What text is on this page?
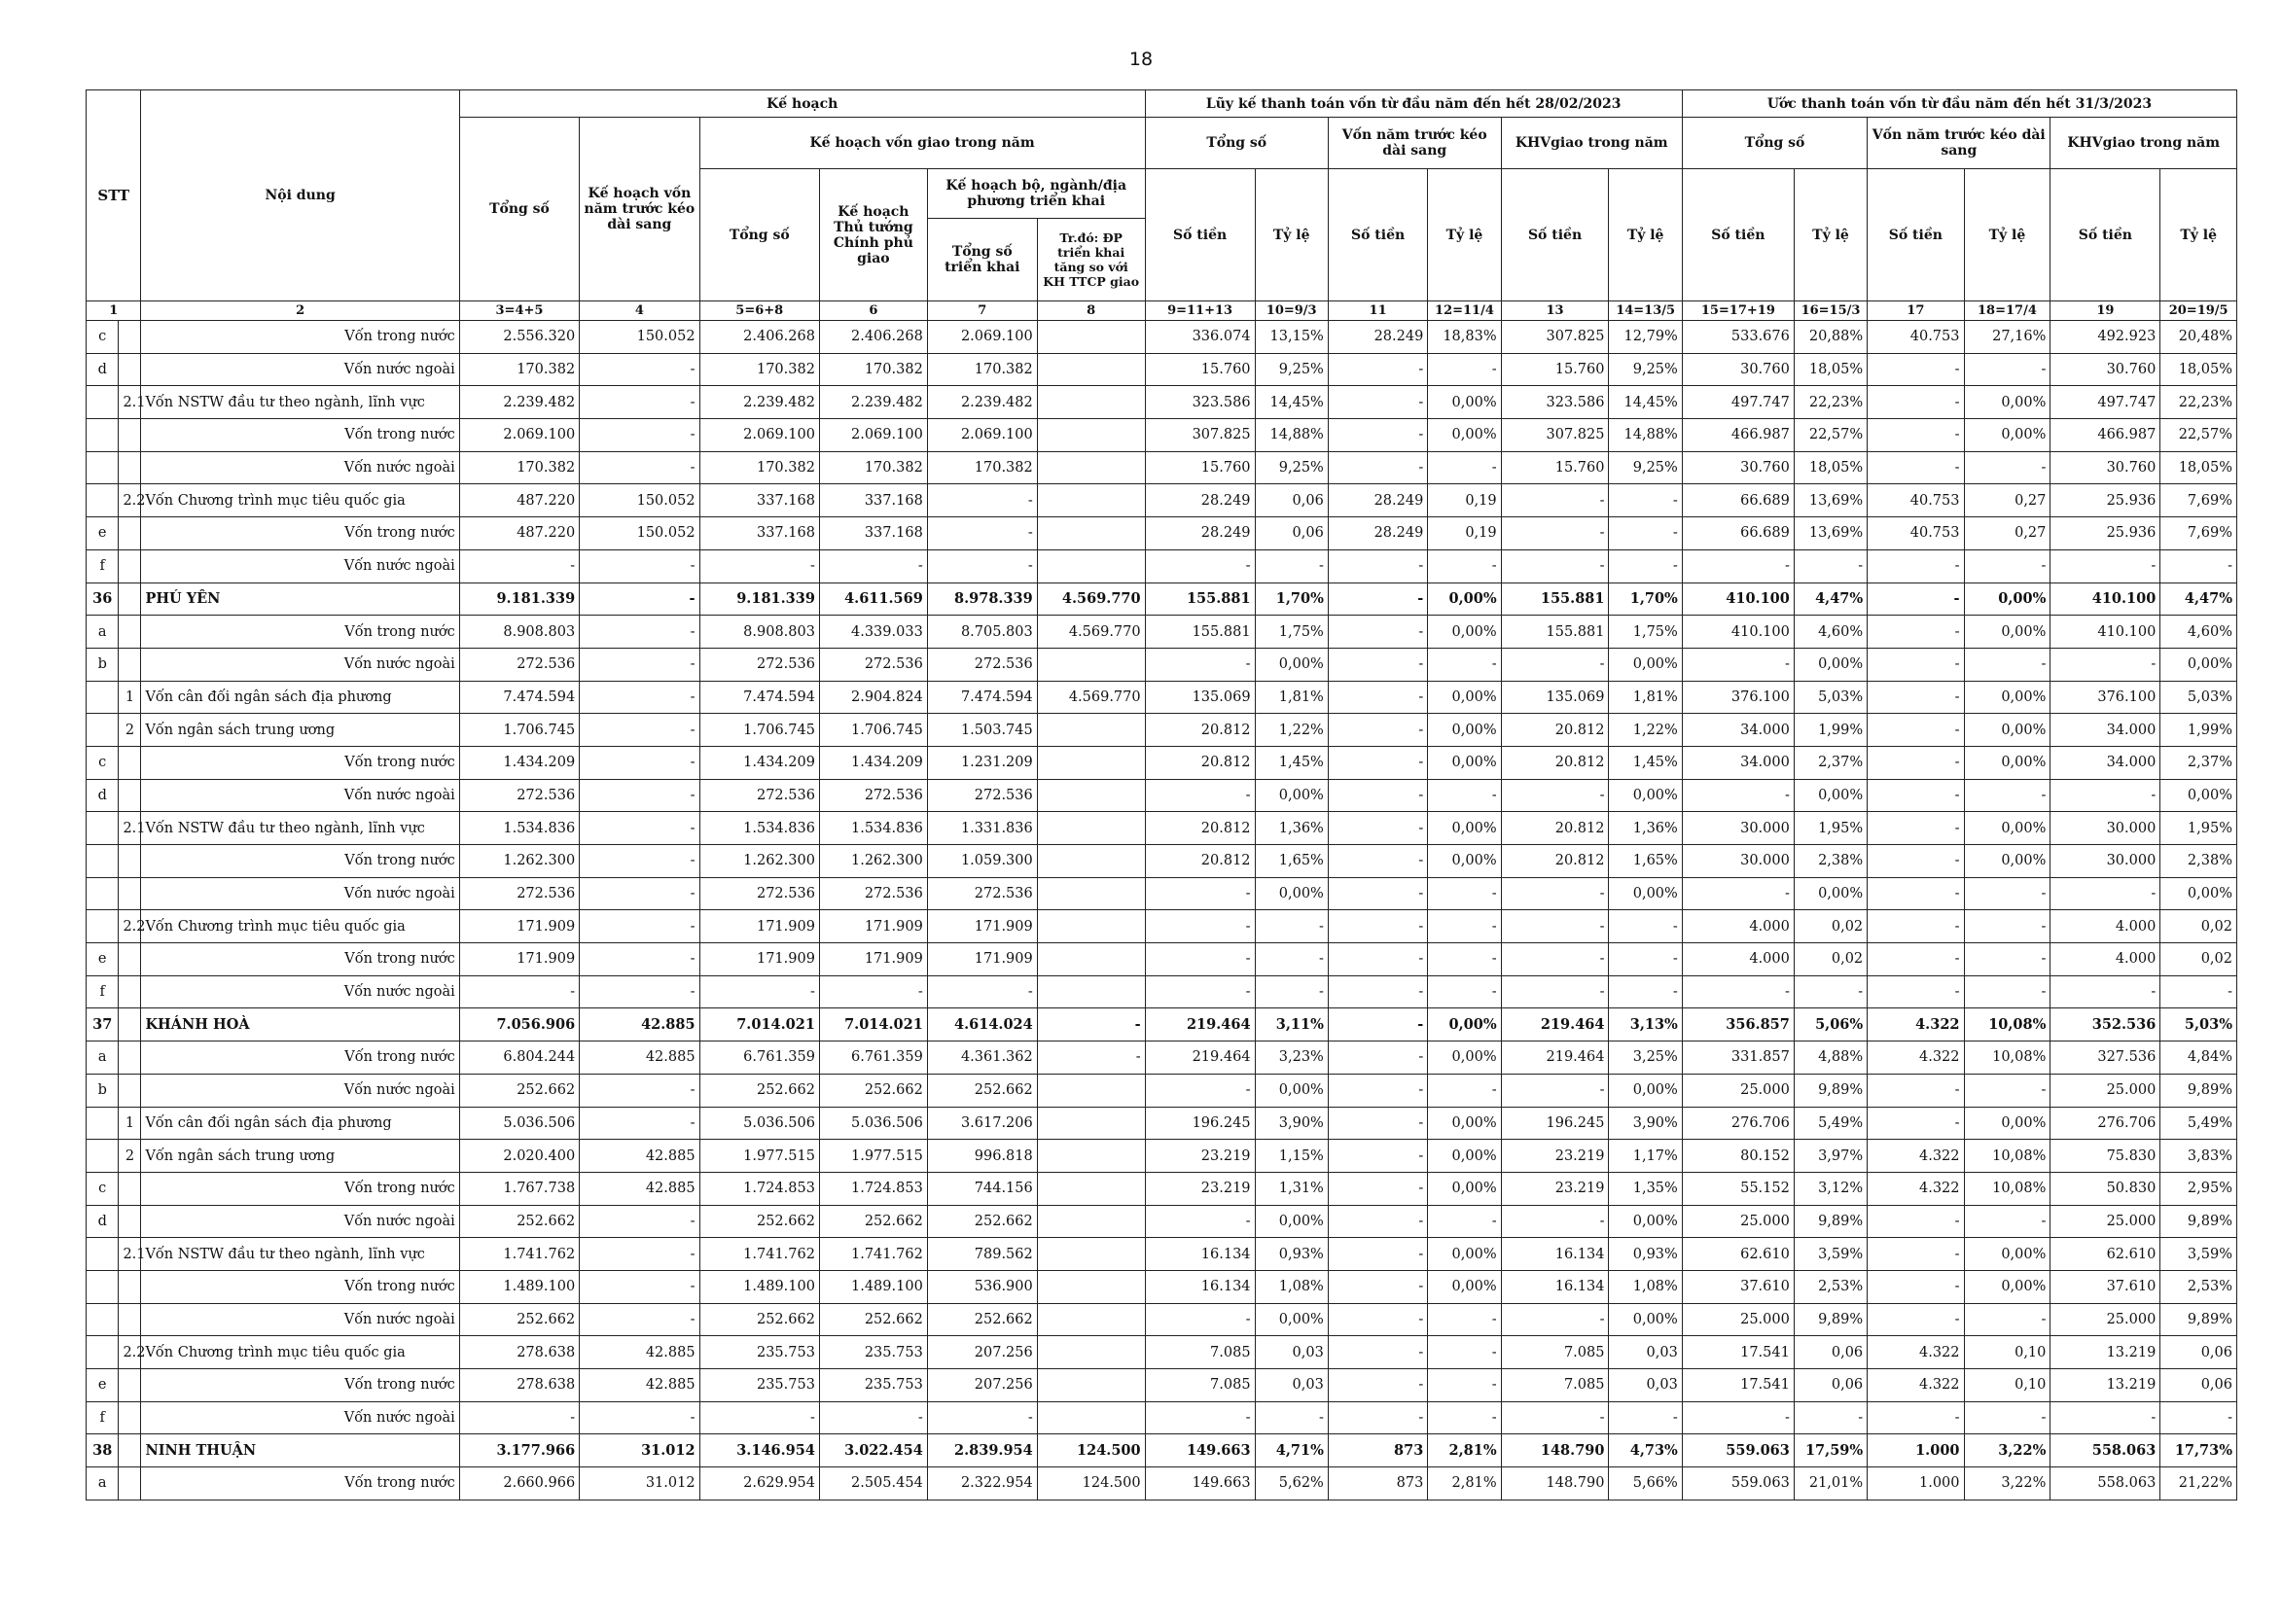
18
STT		Nội dung	Kế hoạch						Lũy kế thanh toán vốn từ đầu năm đến hết 28/02/2023						Ước thanh toán vốn từ đầu năm đến hết 31/3/2023					
			Tổng số	Kế hoạch vốn năm trước kéo dài sang	Kế hoạch vốn giao trong năm				Tổng số		Vốn năm trước kéo dài sang		KHVgiao trong năm		Tổng số		Vốn năm trước kéo dài sang		KHVgiao trong năm	
					Tổng số	Kế hoạch Thủ tướng Chính phủ giao	Kế hoạch bộ, ngành/địa phương triển khai		Số tiền	Tỷ lệ	Số tiền	Tỷ lệ	Số tiền	Tỷ lệ	Số tiền	Tỷ lệ	Số tiền	Tỷ lệ	Số tiền	Tỷ lệ
							Tổng số triển khai	Tr.đó: ĐP triển khai tăng so với KH TTCP giao												
1		2	3=4+5	4	5=6+8	6	7	8	9=11+13	10=9/3	11	12=11/4	13	14=13/5	15=17+19	16=15/3	17	18=17/4	19	20=19/5
c		Vốn trong nước	2.556.320	150.052	2.406.268	2.406.268	2.069.100		336.074	13,15%	28.249	18,83%	307.825	12,79%	533.676	20,88%	40.753	27,16%	492.923	20,48%
d		Vốn nước ngoài	170.382	-	170.382	170.382	170.382		15.760	9,25%	-	-	15.760	9,25%	30.760	18,05%	-	-	30.760	18,05%
	2.1	Vốn NSTW đầu tư theo ngành, lĩnh vực	2.239.482	-	2.239.482	2.239.482	2.239.482		323.586	14,45%	-	0,00%	323.586	14,45%	497.747	22,23%	-	0,00%	497.747	22,23%
		Vốn trong nước	2.069.100	-	2.069.100	2.069.100	2.069.100		307.825	14,88%	-	0,00%	307.825	14,88%	466.987	22,57%	-	0,00%	466.987	22,57%
		Vốn nước ngoài	170.382	-	170.382	170.382	170.382		15.760	9,25%	-	-	15.760	9,25%	30.760	18,05%	-	-	30.760	18,05%
	2.2	Vốn Chương trình mục tiêu quốc gia	487.220	150.052	337.168	337.168	-		28.249	0,06	28.249	0,19	-	-	66.689	13,69%	40.753	0,27	25.936	7,69%
e		Vốn trong nước	487.220	150.052	337.168	337.168	-		28.249	0,06	28.249	0,19	-	-	66.689	13,69%	40.753	0,27	25.936	7,69%
f		Vốn nước ngoài	-	-	-	-	-		-	-	-	-	-	-	-	-	-	-	-	-
36		PHÚ YÊN	9.181.339	-	9.181.339	4.611.569	8.978.339	4.569.770	155.881	1,70%	-	0,00%	155.881	1,70%	410.100	4,47%	-	0,00%	410.100	4,47%
a		Vốn trong nước	8.908.803	-	8.908.803	4.339.033	8.705.803	4.569.770	155.881	1,75%	-	0,00%	155.881	1,75%	410.100	4,60%	-	0,00%	410.100	4,60%
b		Vốn nước ngoài	272.536	-	272.536	272.536	272.536		-	0,00%	-	-	-	0,00%	-	0,00%	-	-	-	0,00%
	1	Vốn cân đối ngân sách địa phương	7.474.594	-	7.474.594	2.904.824	7.474.594	4.569.770	135.069	1,81%	-	0,00%	135.069	1,81%	376.100	5,03%	-	0,00%	376.100	5,03%
	2	Vốn ngân sách trung ương	1.706.745	-	1.706.745	1.706.745	1.503.745		20.812	1,22%	-	0,00%	20.812	1,22%	34.000	1,99%	-	0,00%	34.000	1,99%
c		Vốn trong nước	1.434.209	-	1.434.209	1.434.209	1.231.209		20.812	1,45%	-	0,00%	20.812	1,45%	34.000	2,37%	-	0,00%	34.000	2,37%
d		Vốn nước ngoài	272.536	-	272.536	272.536	272.536		-	0,00%	-	-	-	0,00%	-	0,00%	-	-	-	0,00%
	2.1	Vốn NSTW đầu tư theo ngành, lĩnh vực	1.534.836	-	1.534.836	1.534.836	1.331.836		20.812	1,36%	-	0,00%	20.812	1,36%	30.000	1,95%	-	0,00%	30.000	1,95%
		Vốn trong nước	1.262.300	-	1.262.300	1.262.300	1.059.300		20.812	1,65%	-	0,00%	20.812	1,65%	30.000	2,38%	-	0,00%	30.000	2,38%
		Vốn nước ngoài	272.536	-	272.536	272.536	272.536		-	0,00%	-	-	-	0,00%	-	0,00%	-	-	-	0,00%
	2.2	Vốn Chương trình mục tiêu quốc gia	171.909	-	171.909	171.909	171.909		-	-	-	-	-	-	4.000	0,02	-	-	4.000	0,02
e		Vốn trong nước	171.909	-	171.909	171.909	171.909		-	-	-	-	-	-	4.000	0,02	-	-	4.000	0,02
f		Vốn nước ngoài	-	-	-	-	-		-	-	-	-	-	-	-	-	-	-	-	-
37		KHÁNH HOÀ	7.056.906	42.885	7.014.021	7.014.021	4.614.024	-	219.464	3,11%	-	0,00%	219.464	3,13%	356.857	5,06%	4.322	10,08%	352.536	5,03%
a		Vốn trong nước	6.804.244	42.885	6.761.359	6.761.359	4.361.362	-	219.464	3,23%	-	0,00%	219.464	3,25%	331.857	4,88%	4.322	10,08%	327.536	4,84%
b		Vốn nước ngoài	252.662	-	252.662	252.662	252.662		-	0,00%	-	-	-	0,00%	25.000	9,89%	-	-	25.000	9,89%
	1	Vốn cân đối ngân sách địa phương	5.036.506	-	5.036.506	5.036.506	3.617.206		196.245	3,90%	-	0,00%	196.245	3,90%	276.706	5,49%	-	0,00%	276.706	5,49%
	2	Vốn ngân sách trung ương	2.020.400	42.885	1.977.515	1.977.515	996.818		23.219	1,15%	-	0,00%	23.219	1,17%	80.152	3,97%	4.322	10,08%	75.830	3,83%
c		Vốn trong nước	1.767.738	42.885	1.724.853	1.724.853	744.156		23.219	1,31%	-	0,00%	23.219	1,35%	55.152	3,12%	4.322	10,08%	50.830	2,95%
d		Vốn nước ngoài	252.662	-	252.662	252.662	252.662		-	0,00%	-	-	-	0,00%	25.000	9,89%	-	-	25.000	9,89%
	2.1	Vốn NSTW đầu tư theo ngành, lĩnh vực	1.741.762	-	1.741.762	1.741.762	789.562		16.134	0,93%	-	0,00%	16.134	0,93%	62.610	3,59%	-	0,00%	62.610	3,59%
		Vốn trong nước	1.489.100	-	1.489.100	1.489.100	536.900		16.134	1,08%	-	0,00%	16.134	1,08%	37.610	2,53%	-	0,00%	37.610	2,53%
		Vốn nước ngoài	252.662	-	252.662	252.662	252.662		-	0,00%	-	-	-	0,00%	25.000	9,89%	-	-	25.000	9,89%
	2.2	Vốn Chương trình mục tiêu quốc gia	278.638	42.885	235.753	235.753	207.256		7.085	0,03	-	-	7.085	0,03	17.541	0,06	4.322	0,10	13.219	0,06
e		Vốn trong nước	278.638	42.885	235.753	235.753	207.256		7.085	0,03	-	-	7.085	0,03	17.541	0,06	4.322	0,10	13.219	0,06
f		Vốn nước ngoài	-	-	-	-	-		-	-	-	-	-	-	-	-	-	-	-	-
38		NINH THUẬN	3.177.966	31.012	3.146.954	3.022.454	2.839.954	124.500	149.663	4,71%	873	2,81%	148.790	4,73%	559.063	17,59%	1.000	3,22%	558.063	17,73%
a		Vốn trong nước	2.660.966	31.012	2.629.954	2.505.454	2.322.954	124.500	149.663	5,62%	873	2,81%	148.790	5,66%	559.063	21,01%	1.000	3,22%	558.063	21,22%
